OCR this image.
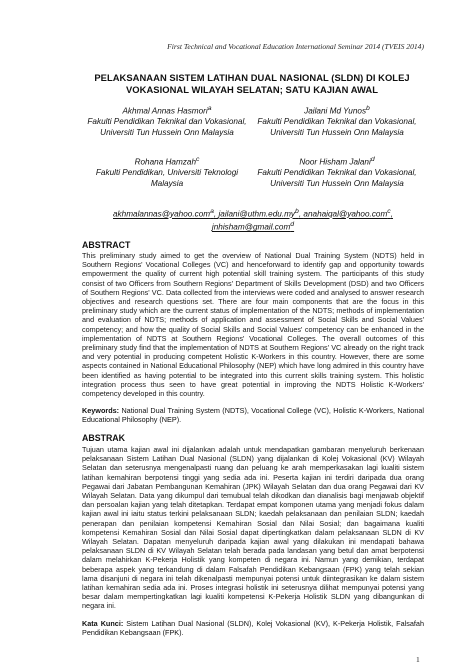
First Technical and Vocational Education International Seminar 2014 (TVEIS 2014)
PELAKSANAAN SISTEM LATIHAN DUAL NASIONAL (SLDN) DI KOLEJ
VOKASIONAL WILAYAH SELATAN; SATU KAJIAN AWAL
Akhmal Annas Hasmori$^a$
Fakulti Pendidikan Teknikal dan Vokasional, Universiti Tun Hussein Onn Malaysia
Jailani Md Yunos$^b$
Fakulti Pendidikan Teknikal dan Vokasional, Universiti Tun Hussein Onn Malaysia
Rohana Hamzah$^c$
Fakulti Pendidikan, Universiti Teknologi Malaysia
Noor Hisham Jalani$^d$
Fakulti Pendidikan Teknikal dan Vokasional, Universiti Tun Hussein Onn Malaysia
akhmalannas@yahoo.com$^a$, $jailani@uthm.edu.my^b$, anahaiqal@yahoo.com$^c$,
jnhisham@gmail.com$^d$
ABSTRACT
This preliminary study aimed to get the overview of National Dual Training System (NDTS) held in Southern Regions' Vocational Colleges (VC) and henceforward to identify gap and opportunity towards empowerment the quality of current high potential skill training system. The participants of this study consist of two Officers from Southern Regions' Department of Skills Development (DSD) and two Officers of Southern Regions' VC. Data collected from the interviews were coded and analysed to answer research objectives and research questions set. There are four main components that are the focus in this preliminary study which are the current status of implementation of the NDTS; methods of implementation and evaluation of NDTS; methods of application and assessment of Social Skills and Social Values' competency; and how the quality of Social Skills and Social Values' competency can be enhanced in the implementation of NDTS at Southern Regions' Vocational Colleges. The overall outcomes of this preliminary study find that the implementation of NDTS at Southern Regions' VC already on the right track and very potential in producing competent Holistic K-Workers in this country. However, there are some aspects contained in National Educational Philosophy (NEP) which have long admired in this country have been identified as having potential to be integrated into this current skills training system. This holistic integration process thus seen to have great potential in improving the NDTS Holistic K-Workers' competency developed in this country.
Keywords: National Dual Training System (NDTS), Vocational College (VC), Holistic K-Workers, National Educational Philosophy (NEP).
ABSTRAK
Tujuan utama kajian awal ini dijalankan adalah untuk mendapatkan gambaran menyeluruh berkenaan pelaksanaan Sistem Latihan Dual Nasional (SLDN) yang dijalankan di Kolej Vokasional (KV) Wilayah Selatan dan seterusnya mengenalpasti ruang dan peluang ke arah memperkasakan lagi kualiti sistem latihan kemahiran berpotensi tinggi yang sedia ada ini. Peserta kajian ini terdiri daripada dua orang Pegawai dari Jabatan Pembangunan Kemahiran (JPK) Wilayah Selatan dan dua orang Pegawai dari KV Wilayah Selatan. Data yang dikumpul dari temubual telah dikodkan dan dianalisis bagi menjawab objektif dan persoalan kajian yang telah ditetapkan. Terdapat empat komponen utama yang menjadi fokus dalam kajian awal ini iaitu status terkini pelaksanaan SLDN; kaedah pelaksanaan dan penilaian SLDN; kaedah penerapan dan penilaian kompetensi Kemahiran Sosial dan Nilai Sosial; dan bagaimana kualiti kompetensi Kemahiran Sosial dan Nilai Sosial dapat dipertingkatkan dalam pelaksanaan SLDN di KV Wilayah Selatan. Dapatan menyeluruh daripada kajian awal yang dilakukan ini mendapati bahawa pelaksanaan SLDN di KV Wilayah Selatan telah berada pada landasan yang betul dan amat berpotensi dalam melahirkan K-Pekerja Holistik yang kompeten di negara ini. Namun yang demikian, terdapat beberapa aspek yang terkandung di dalam Falsafah Pendidikan Kebangsaan (FPK) yang telah sekian lama disanjuni di negara ini telah dikenalpasti mempunyai potensi untuk diintegrasikan ke dalam sistem latihan kemahiran sedia ada ini. Proses integrasi holistik ini seterusnya dilihat mempunyai potensi yang besar dalam mempertingkatkan lagi kualiti kompetensi K-Pekerja Holistik SLDN yang dibangunkan di negara ini.
Kata Kunci: Sistem Latihan Dual Nasional (SLDN), Kolej Vokasional (KV), K-Pekerja Holistik, Falsafah Pendidikan Kebangsaan (FPK).
1
